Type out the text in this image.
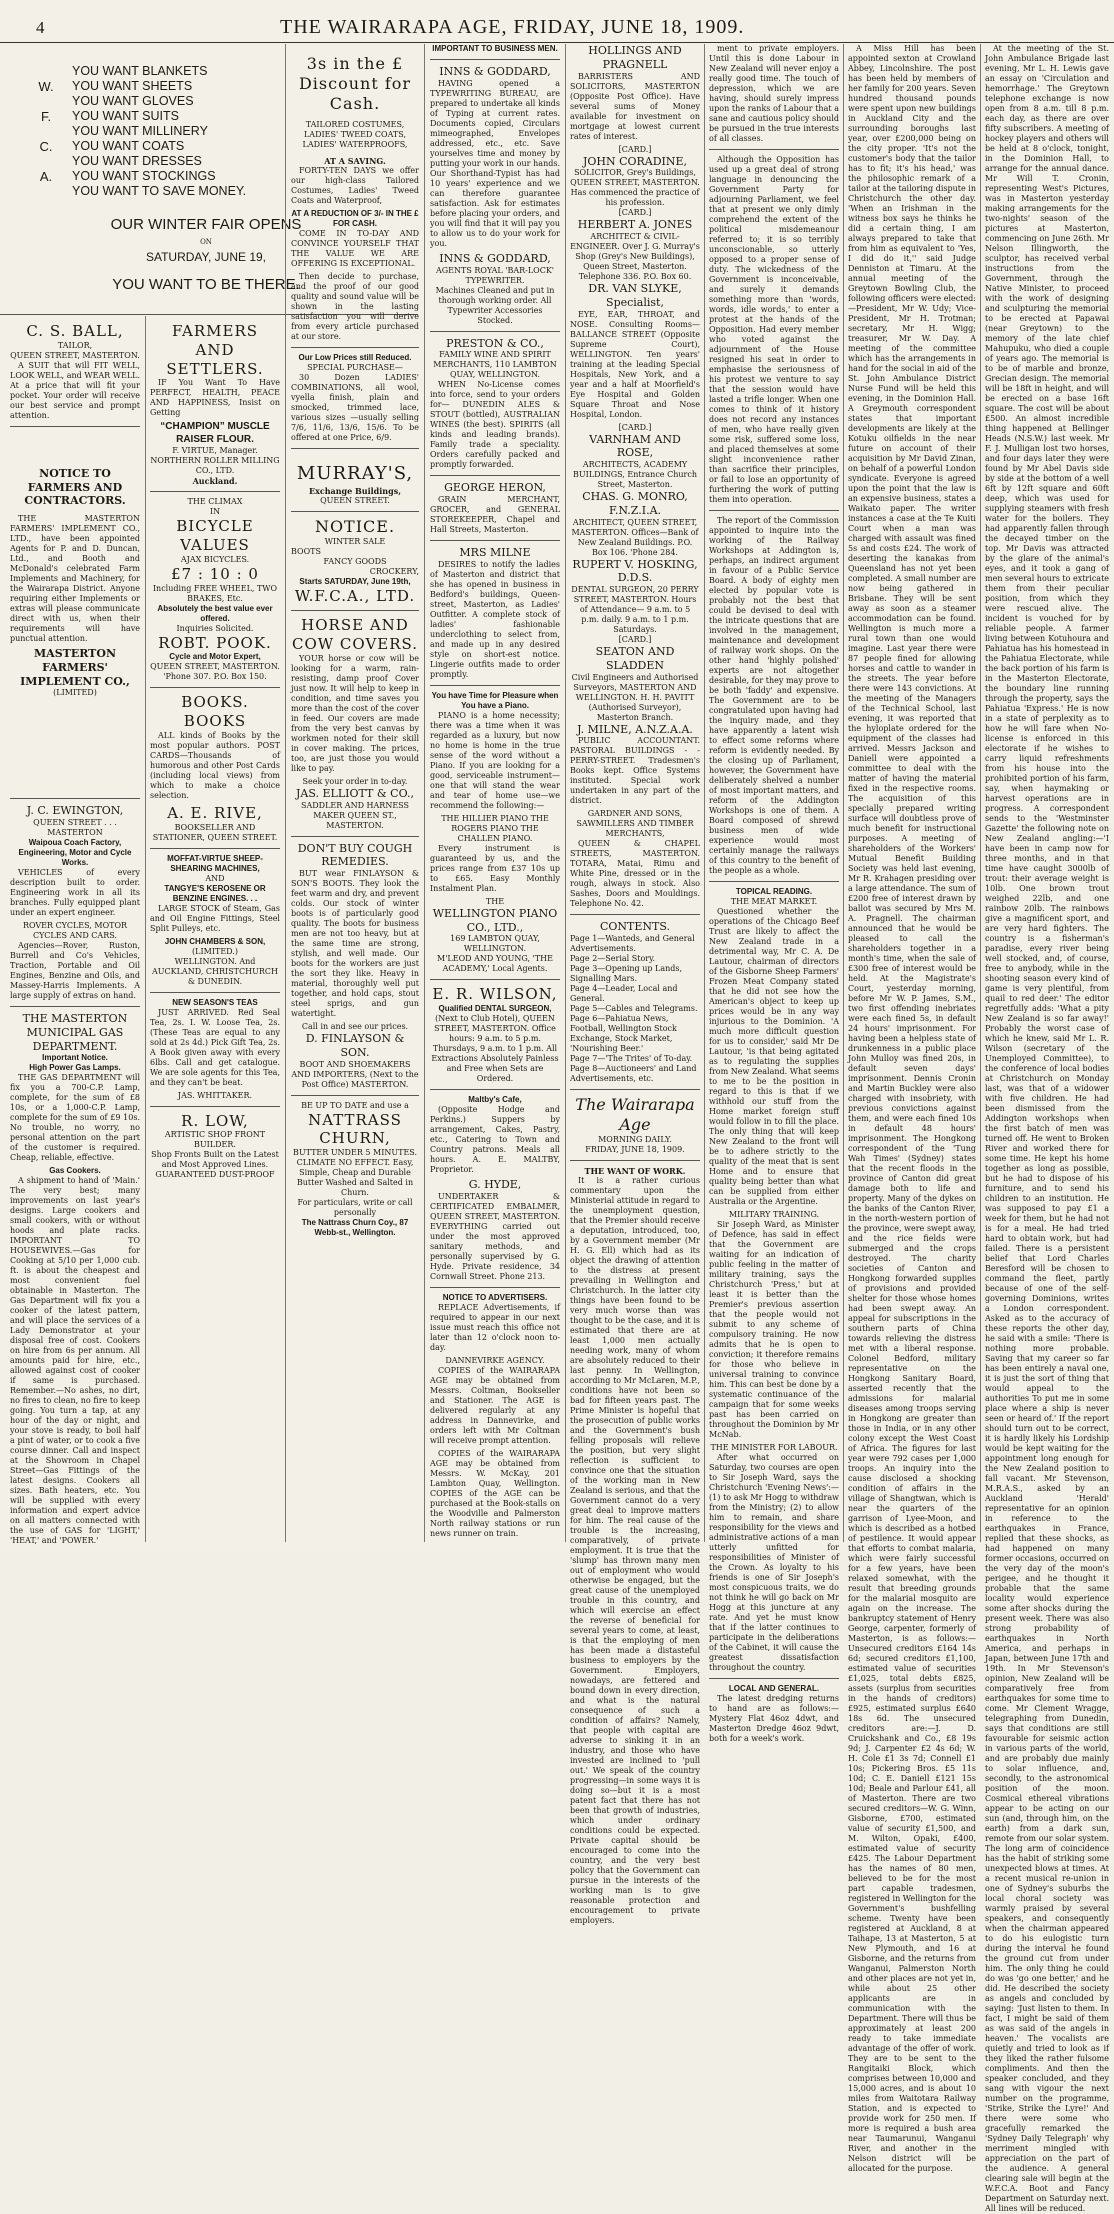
4	THE WAIRARAPA AGE, FRIDAY, JUNE 18, 1909.
YOU WANT BLANKETS
W.	YOU WANT SHEETS
YOU WANT GLOVES
F.	YOU WANT SUITS
YOU WANT MILLINERY
C.	YOU WANT COATS
YOU WANT DRESSES
A.	YOU WANT STOCKINGS
YOU WANT TO SAVE MONEY.
OUR WINTER FAIR OPENS
ON
SATURDAY, JUNE 19,
YOU WANT TO BE THERE.
C. S. BALL,
TAILOR,
QUEEN STREET, MASTERTON.

A SUIT that will FIT WELL, LOOK WELL, and WEAR WELL. At a price that will fit your pocket. Your order will receive our best service and prompt attention.

NOTICE TO FARMERS AND CONTRACTORS.

THE MASTERTON FARMERS' IMPLEMENT CO., LTD., have been appointed Agents for P. and D. Duncan, Ltd., and Booth and McDonald's celebrated Farm Implements and Machinery, for the Wairarapa District. Anyone requiring either Implements or extras will please communicate direct with us, when their requirements will have punctual attention.

MASTERTON FARMERS' IMPLEMENT CO.,
(LIMITED)
J. C. EWINGTON,
QUEEN STREET . . . MASTERTON
Waipoua Coach Factory, Engineering, Motor and Cycle Works.

VEHICLES of every description built to order. Engineering work in all its branches. Fully equipped plant under an expert engineer.

ROVER CYCLES, MOTOR CYCLES AND CARS.

Agencies—Rover, Ruston, Burrell and Co's Vehicles, Traction, Portable and Oil Engines, Benzine and Oils, and Massey-Harris Implements. A large supply of extras on hand.

THE MASTERTON MUNICIPAL GAS DEPARTMENT.
Important Notice.
High Power Gas Lamps.

THE GAS DEPARTMENT will fix you a 700-C.P. Lamp, complete, for the sum of £8 10s, or a 1,000-C.P. Lamp, complete for the sum of £9 10s. No trouble, no worry, no personal attention on the part of the customer is required. Cheap, reliable, effective.

Gas Cookers.

A shipment to hand of 'Main.' The very best; many improvements on last year's designs. Large cookers and small cookers, with or without hoods and plate racks. IMPORTANT TO HOUSEWIVES.—Gas for Cooking at 5/10 per 1,000 cub. ft. is about the cheapest and most convenient fuel obtainable in Masterton. The Gas Department will fix you a cooker of the latest pattern, and will place the services of a Lady Demonstrator at your disposal free of cost. Cookers on hire from 6s per annum. All amounts paid for hire, etc., allowed against cost of cooker if same is purchased. Remember.—No ashes, no dirt, no fires to clean, no fire to keep going. You turn a tap, at any hour of the day or night, and your stove is ready, to boil half a pint of water, or to cook a five course dinner. Call and inspect at the Showroom in Chapel Street—Gas Fittings of the latest designs. Cookers all sizes. Bath heaters, etc. You will be supplied with every information and expert advice on all matters connected with the use of GAS for 'LIGHT,' 'HEAT,' and 'POWER.'

FARMERS AND SETTLERS.

IF You Want To Have PERFECT, HEALTH, PEACE AND HAPPINESS, Insist on Getting

“CHAMPION” MUSCLE RAISER FLOUR.
F. VIRTUE, Manager.
NORTHERN ROLLER MILLING CO., LTD.
Auckland.
THE CLIMAX
IN
BICYCLE VALUES
AJAX BICYCLES.
£7 : 10 : 0
Including FREE WHEEL, TWO BRAKES, Etc.
Absolutely the best value ever offered.
Inquiries Solicited.
ROBT. POOK.
Cycle and Motor Expert,
QUEEN STREET, MASTERTON. 'Phone 307. P.O. Box 150.
BOOKS. BOOKS

ALL kinds of Books by the most popular authors. POST CARDS—Thousands of humorous and other Post Cards (including local views) from which to make a choice selection.

A. E. RIVE,
BOOKSELLER AND STATIONER, QUEEN STREET.
MOFFAT-VIRTUE SHEEP-SHEARING MACHINES,
AND
TANGYE'S KEROSENE OR BENZINE ENGINES. . .

LARGE STOCK of Steam, Gas and Oil Engine Fittings, Steel Split Pulleys, etc.

JOHN CHAMBERS & SON,
(LIMITED.)
WELLINGTON. And AUCKLAND, CHRISTCHURCH & DUNEDIN.
NEW SEASON'S TEAS

JUST ARRIVED. Red Seal Tea, 2s. I. W. Loose Tea, 2s. (These Teas are equal to any sold at 2s 4d.) Pick Gift Tea, 2s. A Book given away with every 6lbs. Call and get catalogue. We are sole agents for this Tea, and they can't be beat.

JAS. WHITTAKER.
R. LOW,
ARTISTIC SHOP FRONT BUILDER.
Shop Fronts Built on the Latest and Most Approved Lines.
GUARANTEED DUST-PROOF
3s in the £ Discount for Cash.
TAILORED COSTUMES, LADIES' TWEED COATS, LADIES' WATERPROOFS,
AT A SAVING.

FORTY-TEN DAYS we offer our high-class Tailored Costumes, Ladies' Tweed Coats and Waterproof,

AT A REDUCTION OF 3/- IN THE £ FOR CASH.

COME IN TO-DAY AND CONVINCE YOURSELF THAT THE VALUE WE ARE OFFERING IS EXCEPTIONAL.

Then decide to purchase, and the proof of our good quality and sound value will be shown in the lasting satisfaction you will derive from every article purchased at our store.

Our Low Prices still Reduced.
SPECIAL PURCHASE—

30 Dozen LADIES' COMBINATIONS, all wool, vyella finish, plain and smocked, trimmed lace, various sizes —usually selling 7/6, 11/6, 13/6, 15/6. To be offered at one Price, 6/9.

MURRAY'S,
Exchange Buildings,
QUEEN STREET.
NOTICE.
WINTER SALE
BOOTS
FANCY GOODS
CROCKERY,
Starts SATURDAY, June 19th,
W.F.C.A., LTD.
HORSE AND COW COVERS.

YOUR horse or cow will be looking for a warm, rain-resisting, damp proof Cover just now. It will help to keep in condition, and time saves you more than the cost of the cover in feed. Our covers are made from the very best canvas by workmen noted for their skill in cover making. The prices, too, are just those you would like to pay.

Seek your order in to-day.
JAS. ELLIOTT & CO.,
SADDLER AND HARNESS MAKER QUEEN ST., MASTERTON.
DON'T BUY COUGH REMEDIES.

BUT wear FINLAYSON & SON'S BOOTS. They look the feet warm and dry, and prevent colds. Our stock of winter boots is of particularly good quality. The boots for business men are not too heavy, but at the same time are strong, stylish, and well made. Our boots for the workers are just the sort they like. Heavy in material, thoroughly well put together, and hold caps, stout steel sprigs, and gun watertight.

Call in and see our prices.
D. FINLAYSON & SON.
BOOT AND SHOEMAKERS AND IMPORTERS, (Next to the Post Office) MASTERTON.
BE UP TO DATE and use a
NATTRASS CHURN,
BUTTER UNDER 5 MINUTES. CLIMATE NO EFFECT. Easy, Simple, Cheap and Durable Butter Washed and Salted in Churn.
For particulars, write or call personally
The Nattrass Churn Coy., 87 Webb-st., Wellington.
IMPORTANT TO BUSINESS MEN.
INNS & GODDARD,

HAVING opened a TYPEWRITING BUREAU, are prepared to undertake all kinds of Typing at current rates. Documents copied, Circulars mimeographed, Envelopes addressed, etc., etc. Save yourselves time and money by putting your work in our hands. Our Shorthand-Typist has had 10 years' experience and we can therefore guarantee satisfaction. Ask for estimates before placing your orders, and you will find that it will pay you to allow us to do your work for you.

INNS & GODDARD,
AGENTS ROYAL 'BAR-LOCK' TYPEWRITER.
Machines Cleaned and put in thorough working order. All Typewriter Accessories Stocked.
PRESTON & CO.,
FAMILY WINE AND SPIRIT MERCHANTS, 110 LAMBTON QUAY, WELLINGTON.

WHEN No-License comes into force, send to your orders for— DUNEDIN ALES & STOUT (bottled), AUSTRALIAN WINES (the best). SPIRITS (all kinds and leading brands). Family trade a speciality. Orders carefully packed and promptly forwarded.

GEORGE HERON,

GRAIN MERCHANT, GROCER, and GENERAL STOREKEEPER, Chapel and Hall Streets, Masterton.

MRS MILNE

DESIRES to notify the ladies of Masterton and district that she has opened in business in Bedford's buildings, Queen-street, Masterton, as Ladies' Outfitter. A complete stock of ladies' fashionable underclothing to select from, and made up in any desired style on short-est notice. Lingerie outfits made to order promptly.

You have Time for Pleasure when You have a Piano.

PIANO is a home necessity; there was a time when it was regarded as a luxury, but now no home is home in the true sense of the word without a Piano. If you are looking for a good, serviceable instrument—one that will stand the wear and tear of home use—we recommend the following:—

THE HILLIER PIANO THE ROGERS PIANO THE CHALLEN PIANO.

Every instrument is guaranteed by us, and the prices range from £37 10s up to £65. Easy Monthly Instalment Plan.

THE
WELLINGTON PIANO CO., LTD.,
169 LAMBTON QUAY, WELLINGTON.
M'LEOD AND YOUNG, 'THE ACADEMY,' Local Agents.
E. R. WILSON,
Qualified DENTAL SURGEON,
(Next to Club Hotel), QUEEN STREET, MASTERTON. Office hours: 9 a.m. to 5 p.m. Thursdays, 9 a.m. to 1 p.m. All Extractions Absolutely Painless and Free when Sets are Ordered.
Maltby's Cafe,

(Opposite Hodge and Perkins.) Suppers by arrangement, Cakes, Pastry, etc., Catering to Town and Country patrons. Meals all hours. A. E. MALTBY, Proprietor.

G. HYDE,

UNDERTAKER & CERTIFICATED EMBALMER, QUEEN STREET, MASTERTON. EVERYTHING carried out under the most approved sanitary methods, and personally supervised by G. Hyde. Private residence, 34 Cornwall Street. Phone 213.

NOTICE TO ADVERTISERS.

REPLACE Advertisements, if required to appear in our next issue must reach this office not later than 12 o'clock noon to-day.

DANNEVIRKE AGENCY.

COPIES of the WAIRARAPA AGE may be obtained from Messrs. Coltman, Bookseller and Stationer. The AGE is delivered regularly at any address in Dannevirke, and orders left with Mr Coltman will receive prompt attention.

COPIES of the WAIRARAPA AGE may be obtained from Messrs. W. McKay, 201 Lambton Quay, Wellington. COPIES of the AGE can be purchased at the Book-stalls on the Woodville and Palmerston North railway stations or run news runner on train.

HOLLINGS AND PRAGNELL

BARRISTERS AND SOLICITORS, MASTERTON (Opposite Post Office). Have several sums of Money available for investment on mortgage at lowest current rates of interest.

[CARD.]
JOHN CORADINE,
SOLICITOR, Grey's Buildings, QUEEN STREET, MASTERTON. Has commenced the practice of his profession.
[CARD.]
HERBERT A. JONES
ARCHITECT & CIVIL-ENGINEER. Over J. G. Murray's Shop (Grey's New Buildings), Queen Street, Masterton. Telephone 336. P.O. Box 60.
DR. VAN SLYKE, Specialist,

EYE, EAR, THROAT, and NOSE. Consulting Rooms— BALLANCE STREET (Opposite Supreme Court), WELLINGTON. Ten years' training at the leading Special Hospitals, New York, and a year and a half at Moorfield's Eye Hospital and Golden Square Throat and Nose Hospital, London.

[CARD.]
VARNHAM AND ROSE,
ARCHITECTS, ACADEMY BUILDINGS, Entrance Church Street, Masterton.
CHAS. G. MONRO, F.N.Z.I.A.
ARCHITECT, QUEEN STREET, MASTERTON. Offices—Bank of New Zealand Buildings. P.O. Box 106. 'Phone 284.
RUPERT V. HOSKING, D.D.S.
DENTAL SURGEON, 20 PERRY STREET, MASTERTON. Hours of Attendance— 9 a.m. to 5 p.m. daily. 9 a.m. to 1 p.m. Saturdays.
[CARD.]
SEATON AND SLADDEN
Civil Engineers and Authorised Surveyors, MASTERTON AND WELLINGTON. H. H. PAVITT (Authorised Surveyor), Masterton Branch.
J. MILNE, A.N.Z.A.A.

PUBLIC ACCOUNTANT. PASTORAL BUILDINGS - - PERRY-STREET. Tradesmen's Books kept. Office Systems instituted. Special work undertaken in any part of the district.

GARDNER AND SONS, SAWMILLERS AND TIMBER MERCHANTS,

QUEEN & CHAPEL STREETS, MASTERTON. TOTARA, Matai, Rimu and White Pine, dressed or in the rough, always in stock. Also Sashes, Doors and Mouldings. Telephone No. 42.

CONTENTS.
Page 1—Wanteds, and General Advertisements.
Page 2—Serial Story.
Page 3—Opening up Lands, Signalling Mars.
Page 4—Leader, Local and General.
Page 5—Cables and Telegrams.
Page 6—Pahiatua News, Football, Wellington Stock Exchange, Stock Market, 'Nourishing Beer.'
Page 7—'The Trites' of To-day.
Page 8—Auctioneers' and Land Advertisements, etc.
The Wairarapa Age
MORNING DAILY.
FRIDAY, JUNE 18, 1909.
THE WANT OF WORK.

It is a rather curious commentary upon the Ministerial attitude in regard to the unemployment question, that the Premier should receive a deputation, introduced, too, by a Government member (Mr H. G. Ell) which had as its object the drawing of attention to the distress at present prevailing in Wellington and Christchurch. In the latter city things have been found to be very much worse than was thought to be the case, and it is estimated that there are at least 1,000 men actually needing work, many of whom are absolutely reduced to their last penny. In Wellington, according to Mr McLaren, M.P., conditions have not been so bad for fifteen years past. The Prime Minister is hopeful that the prosecution of public works and the Government's bush felling proposals will relieve the position, but very slight reflection is sufficient to convince one that the situation of the working man in New Zealand is serious, and that the Government cannot do a very great deal to improve matters for him. The real cause of the trouble is the increasing, comparatively, of private employment. It is true that the 'slump' has thrown many men out of employment who would otherwise be engaged, but the great cause of the unemployed trouble in this country, and which will exercise an effect the reverse of beneficial for several years to come, at least, is that the employing of men has been made a distasteful business to employers by the Government. Employers, nowadays, are fettered and bound down in every direction, and what is the natural consequence of such a condition of affairs? Namely, that people with capital are adverse to sinking it in an industry, and those who have invested are inclined to 'pull out.' We speak of the country progressing—in some ways it is doing so—but it is a most patent fact that there has not been that growth of industries, which under ordinary conditions could be expected. Private capital should be encouraged to come into the country, and the very best policy that the Government can pursue in the interests of the working man is to give reasonable protection and encouragement to private employers.

ment to private employers. Until this is done Labour in New Zealand will never enjoy a really good time. The touch of depression, which we are having, should surely impress upon the ranks of Labour that a sane and cautious policy should be pursued in the true interests of all classes.

Although the Opposition has used up a great deal of strong language in denouncing the Government Party for adjourning Parliament, we feel that at present we only dimly comprehend the extent of the political misdemeanour referred to; it is so terribly unconscionable, so utterly opposed to a proper sense of duty. The wickedness of the Government is inconceivable, and surely it demands something more than 'words, words, idle words,' to enter a protest at the hands of the Opposition. Had every member who voted against the adjournment of the House resigned his seat in order to emphasise the seriousness of his protest we venture to say that the session would have lasted a trifle longer. When one comes to think of it history does not record any instances of men, who have really given some risk, suffered some loss, and placed themselves at some slight inconvenience rather than sacrifice their principles, or fail to lose an opportunity of furthering the work of putting them into operation.

The report of the Commission appointed to inquire into the working of the Railway Workshops at Addington is, perhaps, an indirect argument in favour of a Public Service Board. A body of eighty men elected by popular vote is probably not the best that could be devised to deal with the intricate questions that are involved in the management, maintenance and development of railway work shops. On the other hand 'highly polished' experts are not altogether desirable, for they may prove to be both 'faddy' and expensive. The Government are to be congratulated upon having had the inquiry made, and they have apparently a latent wish to effect some reforms where reform is evidently needed. By the closing up of Parliament, however, the Government have deliberately shelved a number of most important matters, and reform of the Addington Workshops is one of them. A Board composed of shrewd business men of wide experience would most certainly manage the railways of this country to the benefit of the people as a whole.

TOPICAL READING.
THE MEAT MARKET.

Questioned whether the operations of the Chicago Beef Trust are likely to affect the New Zealand trade in a detrimental way, Mr C. A. De Lautour, chairman of directors of the Gisborne Sheep Farmers' Frozen Meat Company stated that he did not see how the American's object to keep up prices would be in any way injurious to the Dominion. 'A much more difficult question for us to consider,' said Mr De Lautour, 'is that being agitated as to regulating the supplies from New Zealand. What seems to me to be the position in regard to this is that if we withhold our stuff from the Home market foreign stuff would follow in to fill the place. The only thing that will keep New Zealand to the front will be to adhere strictly to the quality of the meat that is sent Home and to ensure that quality being better than what can be supplied from either Australia or the Argentine.

MILITARY TRAINING.

Sir Joseph Ward, as Minister of Defence, has said in effect that the Government are waiting for an indication of public feeling in the matter of military training, says the Christchurch 'Press,' but at least it is better than the Premier's previous assertion that the people would not submit to any scheme of compulsory training. He now admits that he is open to conviction; it therefore remains for those who believe in universal training to convince him. This can best be done by a systematic continuance of the campaign that for some weeks past has been carried on throughout the Dominion by Mr McNab.

THE MINISTER FOR LABOUR.

After what occurred on Saturday, two courses are open to Sir Joseph Ward, says the Christchurch 'Evening News':—(1) to ask Mr Hogg to withdraw from the Ministry; (2) to allow him to remain, and share responsibility for the views and administrative actions of a man utterly unfitted for responsibilities of Minister of the Crown. As loyalty to his friends is one of Sir Joseph's most conspicuous traits, we do not think he will go back on Mr Hogg at this juncture at any rate. And yet he must know that if the latter continues to participate in the deliberations of the Cabinet, it will cause the greatest dissatisfaction throughout the country.

LOCAL AND GENERAL.

The latest dredging returns to hand are as follows:—Mystery Flat 46oz 4dwt, and Masterton Dredge 46oz 9dwt, both for a week's work.

A Miss Hill has been appointed sexton at Crowland Abbey, Lincolnshire. The post has been held by members of her family for 200 years. Seven hundred thousand pounds were spent upon new buildings in Auckland City and the surrounding boroughs last year, over £200,000 being on the city proper. 'It's not the customer's body that the tailor has to fit; it's his head,' was the philosophic remark of a tailor at the tailoring dispute in Christchurch the other day. 'When an Irishman in the witness box says he thinks he did a certain thing, I am always prepared to take that from him as equivalent to 'Yes, I did do it,'' said Judge Denniston at Timaru. At the annual meeting of the Greytown Bowling Club, the following officers were elected:—President, Mr W. Udy; Vice-President, Mr H. Trotman; secretary, Mr H. Wigg; treasurer, Mr W. Day. A meeting of the committee which has the arrangements in hand for the social in aid of the St. John Ambulance District Nurse Fund will be held this evening, in the Dominion Hall. A Greymouth correspondent states that important developments are likely at the Kotuku oilfields in the near future on account of their acquisition by Mr David Zinan, on behalf of a powerful London syndicate. Everyone is agreed upon the point that the law is an expensive business, states a Waikato paper. The writer instances a case at the Te Kuiti Court when a man was charged with assault was fined 5s and costs £24. The work of deserting the kanakas from Queensland has not yet been completed. A small number are now being gathered in Brisbane. They will be sent away as soon as a steamer accommodation can be found. Wellington is much more a rural town than one would imagine. Last year there were 87 people fined for allowing horses and cattle to wander in the streets. The year before there were 143 convictions. At the meeting of the Managers of the Technical School, last evening, it was reported that the hyloplate ordered for the equipment of the classes had arrived. Messrs Jackson and Daniell were appointed a committee to deal with the matter of having the material fixed in the respective rooms. The acquisition of this specially prepared writing surface will doubtless prove of much benefit for instructional purposes. A meeting of shareholders of the Workers' Mutual Benefit Building Society was held last evening, Mr R. Krahagen presiding over a large attendance. The sum of £200 free of interest drawn by ballot was secured by Mrs M. A. Pragnell. The chairman announced that he would be pleased to call the shareholders together in a month's time, when the sale of £300 free of interest would be held. At the Magistrate's Court, yesterday morning, before Mr W. P. James, S.M., two first offending inebriates were each fined 5s, in default 24 hours' imprisonment. For having been a helpless state of drunkenness in a public place John Mulloy was fined 20s, in default seven days' imprisonment. Dennis Cronin and Martin Buckley were also charged with insobriety, with previous convictions against them, and were each fined 10s in default 48 hours' imprisonment. The Hongkong correspondent of the 'Tung Wah Times' (Sydney) states that the recent floods in the province of Canton did great damage both to life and property. Many of the dykes on the banks of the Canton River, in the north-western portion of the province, were swept away, and the rice fields were submerged and the crops destroyed. The charity societies of Canton and Hongkong forwarded supplies of provisions and provided shelter for those whose homes had been swept away. An appeal for subscriptions in the southern parts of China towards relieving the distress met with a liberal response. Colonel Bedford, military representative on the Hongkong Sanitary Board, asserted recently that the admissions for malarial diseases among troops serving in Hongkong are greater than those in India, or in any other colony except the West Coast of Africa. The figures for last year were 792 cases per 1,000 troops. An inquiry into the cause disclosed a shocking condition of affairs in the village of Shangtwan, which is near the quarters of the garrison of Lyee-Moon, and which is described as a hotbed of pestilence. It would appear that efforts to combat malaria, which were fairly successful for a few years, have been relaxed somewhat, with the result that breeding grounds for the malarial mosquito are again on the increase. The bankruptcy statement of Henry George, carpenter, formerly of Masterton, is as follows:—Unsecured creditors £164 14s 6d; secured creditors £1,100, estimated value of securities £1,025, total debts £825, assets (surplus from securities in the hands of creditors) £925, estimated surplus £640 18s 6d. The unsecured creditors are:—J. D. Cruickshank and Co., £8 19s 9d; J. Carpenter £2 4s 6d; W. H. Cole £1 3s 7d; Connell £1 10s; Pickering Bros. £5 11s 10d; C. E. Daniell £121 15s 10d; Beale and Parlour £41, all of Masterton. There are two secured creditors—W. G. Winn, Gisborne, £700, estimated value of security £1,500, and M. Wilton, Opaki, £400, estimated value of security £425. The Labour Department has the names of 80 men, believed to be for the most part capable tradesmen, registered in Wellington for the Government's bushfelling scheme. Twenty have been registered at Auckland, 8 at Taihape, 13 at Masterton, 5 at New Plymouth, and 16 at Gisborne, and the returns from Wanganui, Palmerston North and other places are not yet in, while about 25 other applicants are in communication with the Department. There will thus be approximately at least 200 ready to take immediate advantage of the offer of work. They are to be sent to the Rangitaiki Block, which comprises between 10,000 and 15,000 acres, and is about 10 miles from Waitotara Railway Station, and is expected to provide work for 250 men. If more is required a bush area near Taumarunui, Wanganui River, and another in the Nelson district will be allocated for the purpose.

At the meeting of the St. John Ambulance Brigade last evening, Mr L. H. Lewis gave an essay on 'Circulation and hemorrhage.' The Greytown telephone exchange is now open from 8 a.m. till 8 p.m. each day, as there are over fifty subscribers. A meeting of hockey players and others will be held at 8 o'clock, tonight, in the Dominion Hall, to arrange for the annual dance. Mr Will T. Cronin, representing West's Pictures, was in Masterton yesterday making arrangements for the two-nights' season of the pictures at Masterton, commencing on June 26th. Mr Nelson Illingworth, the sculptor, has received verbal instructions from the Government, through the Native Minister, to proceed with the work of designing and sculpturing the memorial to be erected at Papawai (near Greytown) to the memory of the late chief Mahupuku, who died a couple of years ago. The memorial is to be of marble and bronze, Grecian design. The memorial will be 18ft in height, and will be erected on a base 16ft square. The cost will be about £500. An almost incredible thing happened at Bellinger Heads (N.S.W.) last week. Mr F. J. Mulligan lost two horses, and four days later they were found by Mr Abel Davis side by side at the bottom of a well 6ft by 12ft square and 60ft deep, which was used for supplying steamers with fresh water for the boilers. They had apparently fallen through the decayed timber on the top. Mr Davis was attracted by the glare of the animal's eyes, and it took a gang of men several hours to extricate them from their peculiar position, from which they were rescued alive. The incident is vouched for by reliable people. A farmer living between Kotuhoura and Pahiatua has his homestead in the Pahiatua Electorate, while the back portion of his farm is in the Masterton Electorate, the boundary line running through the property, says the Pahiatua 'Express.' He is now in a state of perplexity as to how he will fare when No-license is enforced in this electorate if he wishes to carry liquid refreshments from his house into the prohibited portion of his farm, say, when haymaking or harvest operations are in progress. A correspondent sends to the 'Westminster Gazette' the following note on New Zealand angling:—'I have been in camp now for three months, and in that time have caught 3000lb of trout: their average weight is 10lb. One brown trout weighed 22lb, and one rainbow 20lb. The rainbows give a magnificent sport, and are very hard fighters. The country is a fisherman's paradise, every river being well stocked, and, of course, free to anybody, while in the shooting season every kind of game is very plentiful, from quail to red deer.' The editor regretfully adds: 'What a pity New Zealand is so far away!' Probably the worst case of which he knew, said Mr L. R. Wilson (secretary of the Unemployed Committee), to the conference of local bodies at Christchurch on Monday last, was that of a widower with five children. He had been dismissed from the Addington workshops when the first batch of men was turned off. He went to Broken River and worked there for some time. He kept his home together as long as possible, but he had to dispose of his furniture, and to send his children to an institution. He was supposed to pay £1 a week for them, but he had not is for a meal. He had tried hard to obtain work, but had failed. There is a persistent belief that Lord Charles Beresford will be chosen to command the fleet, partly because of one of the self-governing Dominions, writes a London correspondent. Asked as to the accuracy of these reports the other day, he said with a smile: 'There is nothing more probable. Saving that my career so far has been entirely a naval one, it is just the sort of thing that would appeal to the authorities To put me in some place where a ship is never seen or heard of.' If the report should turn out to be correct, it is hardly likely his Lordship would be kept waiting for the appointment long enough for the New Zealand position to fall vacant. Mr Stevenson, M.R.A.S., asked by an Auckland 'Herald' representative for an opinion in reference to the earthquakes in France, replied that these shocks, as had happened on many former occasions, occurred on the very day of the moon's perigee, and he thought it probable that the same locality would experience some after shocks during the present week. There was also strong probability of earthquakes in North America, and perhaps in Japan, between June 17th and 19th. In Mr Stevenson's opinion, New Zealand will be comparatively free from earthquakes for some time to come. Mr Clement Wragge, telegraphing from Dunedin, says that conditions are still favourable for seismic action in various parts of the world, and are probably due mainly to solar influence, and, secondly, to the astronomical position of the moon. Cosmical ethereal vibrations appear to be acting on our sun (and, through him, on the earth) from a dark sun, remote from our solar system. The long arm of coincidence has the habit of striking some unexpected blows at times. At a recent musical re-union in one of Sydney's suburbs the local choral society was warmly praised by several speakers, and consequently when the chairman appeared to do his eulogistic turn during the interval he found the ground cut from under him. The only thing he could do was 'go one better,' and he did. He described the society as angels and concluded by saying: 'Just listen to them. In fact, I might be said of them as was said of the angels in heaven.' The vocalists are quietly and tried to look as if they liked the rather fulsome compliments. And then the speaker concluded, and they sang with vigour the next number on the programme, 'Strike, Strike the Lyre!' And there were some who gracefully remarked the 'Sydney Daily Telegraph' why merriment mingled with appreciation on the part of the audience. A general clearing sale will begin at the W.F.C.A. Boot and Fancy Department on Saturday next. All lines will be reduced.
